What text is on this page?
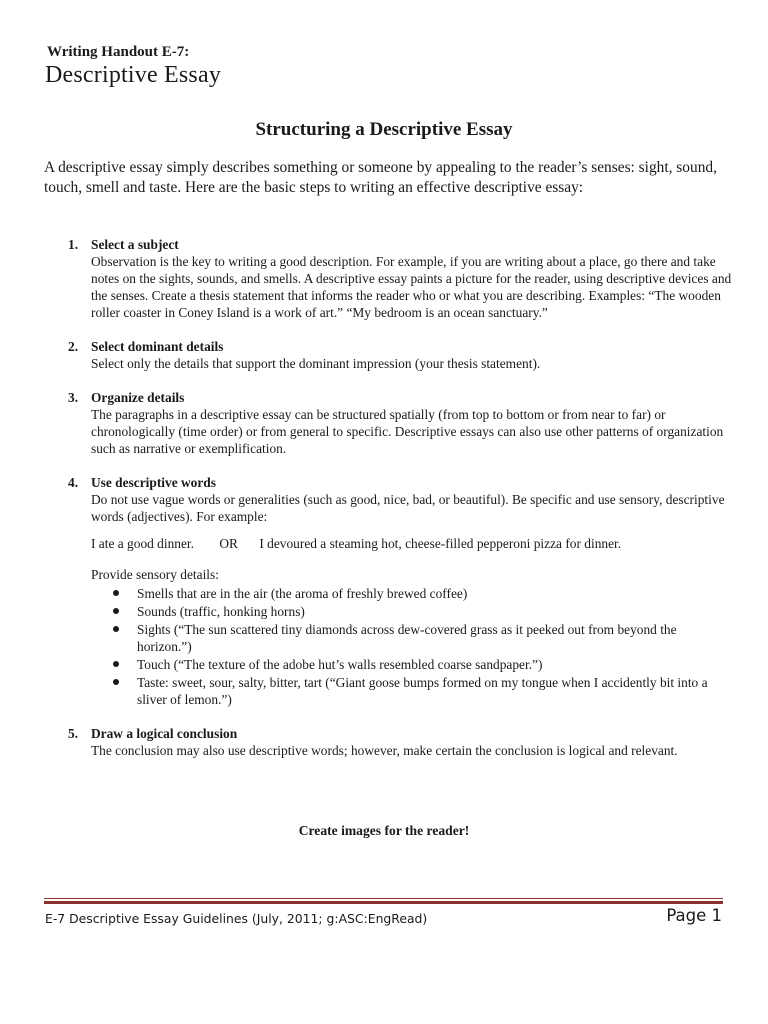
Writing Handout E-7:
Descriptive Essay
Structuring a Descriptive Essay
A descriptive essay simply describes something or someone by appealing to the reader’s senses: sight, sound, touch, smell and taste. Here are the basic steps to writing an effective descriptive essay:
1. Select a subject
Observation is the key to writing a good description. For example, if you are writing about a place, go there and take notes on the sights, sounds, and smells. A descriptive essay paints a picture for the reader, using descriptive devices and the senses. Create a thesis statement that informs the reader who or what you are describing. Examples: “The wooden roller coaster in Coney Island is a work of art.” “My bedroom is an ocean sanctuary.”
2. Select dominant details
Select only the details that support the dominant impression (your thesis statement).
3. Organize details
The paragraphs in a descriptive essay can be structured spatially (from top to bottom or from near to far) or chronologically (time order) or from general to specific. Descriptive essays can also use other patterns of organization such as narrative or exemplification.
4. Use descriptive words
Do not use vague words or generalities (such as good, nice, bad, or beautiful). Be specific and use sensory, descriptive words (adjectives). For example:
I ate a good dinner. OR I devoured a steaming hot, cheese-filled pepperoni pizza for dinner.
Provide sensory details:
Smells that are in the air (the aroma of freshly brewed coffee)
Sounds (traffic, honking horns)
Sights (“The sun scattered tiny diamonds across dew-covered grass as it peeked out from beyond the horizon.”)
Touch (“The texture of the adobe hut’s walls resembled coarse sandpaper.”)
Taste: sweet, sour, salty, bitter, tart (“Giant goose bumps formed on my tongue when I accidently bit into a sliver of lemon.”)
5. Draw a logical conclusion
The conclusion may also use descriptive words; however, make certain the conclusion is logical and relevant.
Create images for the reader!
E-7 Descriptive Essay Guidelines (July, 2011; g:ASC:EngRead)	Page 1
